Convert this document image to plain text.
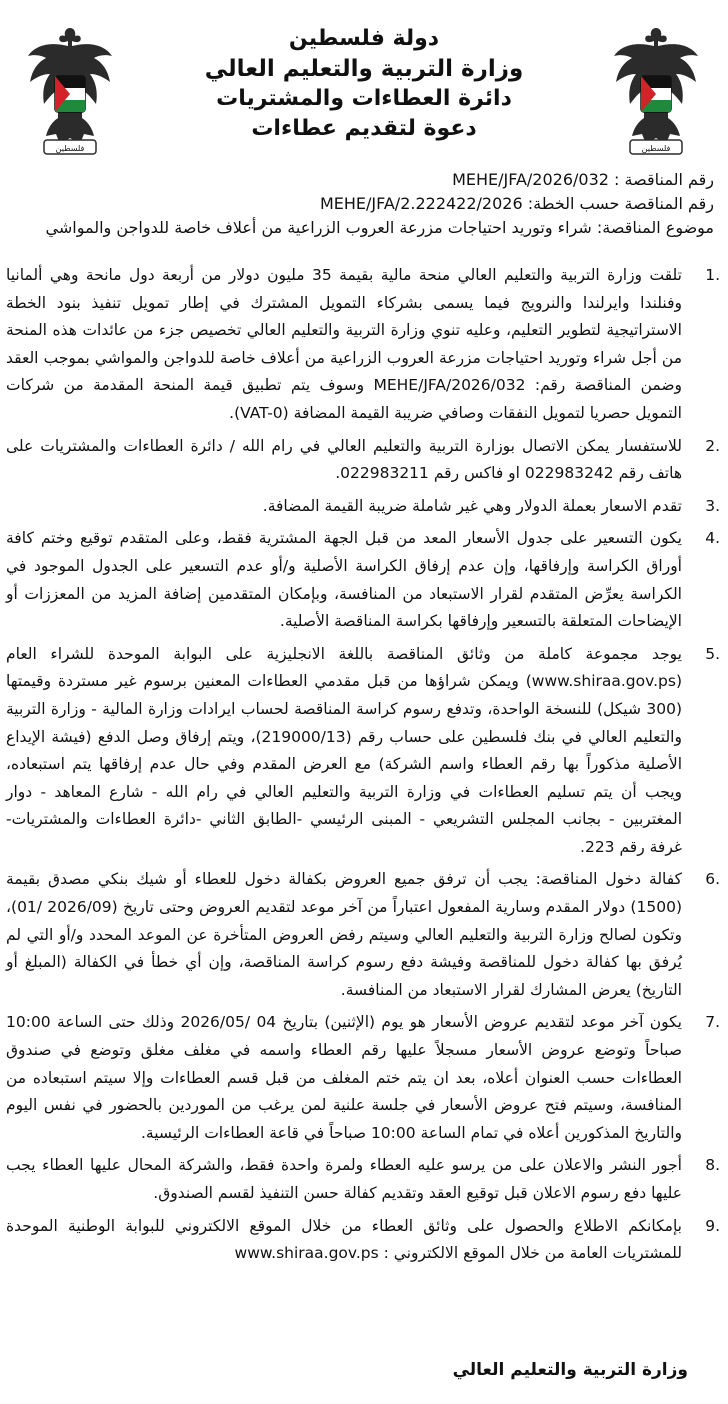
فلسطين	فلسطين
دولة فلسطين
وزارة التربية والتعليم العالي
دائرة العطاءات والمشتريات
دعوة لتقديم عطاءات
رقم المناقصة : MEHE/JFA/2026/032
رقم المناقصة حسب الخطة: MEHE/JFA/2.222422/2026
موضوع المناقصة: شراء وتوريد احتياجات مزرعة العروب الزراعية من أعلاف خاصة للدواجن والمواشي
1.
تلقت وزارة التربية والتعليم العالي منحة مالية بقيمة 35 مليون دولار من أربعة دول مانحة وهي ألمانيا وفنلندا وايرلندا والنرويج فيما يسمى بشركاء التمويل المشترك في إطار تمويل تنفيذ بنود الخطة الاستراتيجية لتطوير التعليم، وعليه تنوي وزارة التربية والتعليم العالي تخصيص جزء من عائدات هذه المنحة من أجل شراء وتوريد احتياجات مزرعة العروب الزراعية من أعلاف خاصة للدواجن والمواشي بموجب العقد وضمن المناقصة رقم: MEHE/JFA/2026/032 وسوف يتم تطبيق قيمة المنحة المقدمة من شركات التمويل حصريا لتمويل النفقات وصافي ضريبة القيمة المضافة (VAT-0).
2.
للاستفسار يمكن الاتصال بوزارة التربية والتعليم العالي في رام الله / دائرة العطاءات والمشتريات على هاتف رقم 022983242 او فاكس رقم 022983211.
3.
تقدم الاسعار بعملة الدولار وهي غير شاملة ضريبة القيمة المضافة.
4.
يكون التسعير على جدول الأسعار المعد من قبل الجهة المشترية فقط، وعلى المتقدم توقيع وختم كافة أوراق الكراسة وإرفاقها، وإن عدم إرفاق الكراسة الأصلية و/أو عدم التسعير على الجدول الموجود في الكراسة يعرِّض المتقدم لقرار الاستبعاد من المنافسة، وبإمكان المتقدمين إضافة المزيد من المعززات أو الإيضاحات المتعلقة بالتسعير وإرفاقها بكراسة المناقصة الأصلية.
5.
يوجد مجموعة كاملة من وثائق المناقصة باللغة الانجليزية على البوابة الموحدة للشراء العام (www.shiraa.gov.ps) ويمكن شراؤها من قبل مقدمي العطاءات المعنين برسوم غير مستردة وقيمتها (300 شيكل) للنسخة الواحدة، وتدفع رسوم كراسة المناقصة لحساب ايرادات وزارة المالية - وزارة التربية والتعليم العالي في بنك فلسطين على حساب رقم (219000/13)، ويتم إرفاق وصل الدفع (فيشة الإيداع الأصلية مذكوراً بها رقم العطاء واسم الشركة) مع العرض المقدم وفي حال عدم إرفاقها يتم استبعاده، ويجب أن يتم تسليم العطاءات في وزارة التربية والتعليم العالي في رام الله - شارع المعاهد - دوار المغتربين - بجانب المجلس التشريعي - المبنى الرئيسي -الطابق الثاني -دائرة العطاءات والمشتريات- غرفة رقم 223.
6.
كفالة دخول المناقصة: يجب أن ترفق جميع العروض بكفالة دخول للعطاء أو شيك بنكي مصدق بقيمة (1500) دولار المقدم وسارية المفعول اعتباراً من آخر موعد لتقديم العروض وحتى تاريخ (2026/09 /01)، وتكون لصالح وزارة التربية والتعليم العالي وسيتم رفض العروض المتأخرة عن الموعد المحدد و/أو التي لم يُرفق بها كفالة دخول للمناقصة وفيشة دفع رسوم كراسة المناقصة، وإن أي خطأ في الكفالة (المبلغ أو التاريخ) يعرض المشارك لقرار الاستبعاد من المنافسة.
7.
يكون آخر موعد لتقديم عروض الأسعار هو يوم (الإثنين) بتاريخ 04 /2026/05 وذلك حتى الساعة 10:00 صباحاً وتوضع عروض الأسعار مسجلاً عليها رقم العطاء واسمه في مغلف مغلق وتوضع في صندوق العطاءات حسب العنوان أعلاه، بعد ان يتم ختم المغلف من قبل قسم العطاءات وإلا سيتم استبعاده من المنافسة، وسيتم فتح عروض الأسعار في جلسة علنية لمن يرغب من الموردين بالحضور في نفس اليوم والتاريخ المذكورين أعلاه في تمام الساعة 10:00 صباحاً في قاعة العطاءات الرئيسية.
8.
أجور النشر والاعلان على من يرسو عليه العطاء ولمرة واحدة فقط، والشركة المحال عليها العطاء يجب عليها دفع رسوم الاعلان قبل توقيع العقد وتقديم كفالة حسن التنفيذ لقسم الصندوق.
9.
بإمكانكم الاطلاع والحصول على وثائق العطاء من خلال الموقع الالكتروني للبوابة الوطنية الموحدة للمشتريات العامة من خلال الموقع الالكتروني : www.shiraa.gov.ps
وزارة التربية والتعليم العالي
